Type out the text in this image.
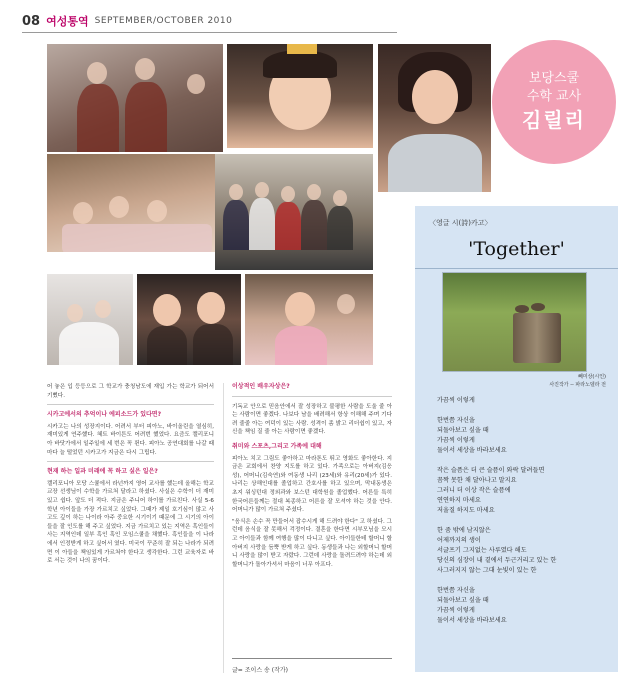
08 여성통역 SEPTEMBER/OCTOBER 2010
보당스쿨
수학 교사
김릴리

어 놓은 입 등등으로 그 학교가 충청남도에 재입 가는 학교가 되어서 기뻤다.

시카고에서의 추억이나 에피소드가 있다면?

시카고는 나의 성장지이다. 어려서 부터 피아노, 바이올린을 열심히, 재미있게 연주했다. 혜트 바이튼도 어려번 했었다. 요즘도 캘리포니아 바닷가에서 일주일에 세 번은 꼭 뛴다. 피아노 공연대회를 나갈 때 마다 늘 떨었던 시카고가 지금은 다시 그립다.

현재 하는 일과 미래에 꼭 하고 싶은 일은?

캘리포니아 모당 스쿨에서 라넌까지 영어 교사를 했는데 올해는 학교 교장 선생님이 수학을 가르쳐 달라고 하셨다. 사실은 수학이 더 재미있고 쉽다. 앞도 더 적다. 지금은 주니어 하이를 가르친다. 사실 5-6학년 아이들을 가장 가르치고 싶었다. 그때가 제일 호기심이 많고 사고도 깊이 하는 나이라 아주 중요한 시기이기 때문에 그 시기의 아이들을 잘 인도를 해 주고 싶었다. 지금 가르치고 있는 지역은 흑인들이 사는 지역인데 일부 흑인 혹인 모임스쿨을 채했다. 흑인들을 이 나라에서 인정받게 하고 싶어서 였다. 미국이 꾸준히 잘 되는 나라가 되려면 이 아들을 책임있게 가르쳐야 한다고 생각한다. 그런 교육자로 바로 서는 것이 나의 꿈이다.

이상적인 배우자상은?

기독교 안으로 믿음안에서 잘 성장하고 불평한 사람을 도울 줄 아는 사람이면 좋겠다. 나보다 남을 배려해서 항상 이해해 주며 기다려 줄줄 아는 여덕이 있는 사람. 성격이 좀 밝고 리더쉽이 있고, 자신을 책임 질 줄 아는 사람이면 좋겠다.

취미와 스포츠,그리고 가족에 대해

피아노 치고 그림도 좋아하고 마라톤도 뛰고 영화도 좋아한다. 지금은 교회에서 찬양 지도를 하고 있다. 가족으로는 아버지(김응성), 어머니(김숙연)와 여동생 나리 (23세)와 유리(20세)가 있다. 나리는 상해인대를 졸업하고 간호사를 하고 있으며, 막내동생은 초지 워싱턴대 정외과와 보스턴 대학원을 졸업했다. 어른들 특히 한국어른들께는 절대 복종하고 어른을 잘 모셔야 하는 것을 안다. 어머니가 많이 가르쳐 주셨다.

"음식은 손수 꼭 만들어서 잡수시게 해 드려야 한다" 고 하셨다. 그런데 음식을 잘 못해서 걱정이다. 결혼을 한다면 시부모님을 모시고 아이들과 함께 여행을 많이 다니고 싶다. 아이들한테 할머니 할아버지 사랑을 듬뿍 받게 하고 싶다. 동생들과 나는 외할머니 할머니 사랑을 많이 받고 자랐다. 그런데 사랑을 돌려드려야 하는데 외할머니가 돌아가셔서 마음이 너무 아프다.

글= 조이스 송 (작가)
〈영글 시(詩)카고〉
'Together'
빼미상(시인)
사진작가 -- 파라노델라 전
가끔씩 이렇게
한번쯤 자신을
되돌아보고 싶을 때
가끔씩 이렇게
둘이서 세상을 바라보세요
작은 슬픔은 더 큰 슬픔이 와락 달려들면
꼼짝 못한 채 달아나고 말지요
그러니 더 이상 작은 슬픔에
연연하지 마세요
저울질 하지도 마세요
한 줌 밖에 남지않은
어제까지의 생이
서글프기 그지없는 사루였다 해도
당신의 심장이 내 곁에서 두근거리고 있는 한
사그러지지 않는 그대 눈빛이 있는 한
한번쯤 자신을
되돌아보고 싶을 때
가끔씩 이렇게
둘이서 세상을 바라보세요
